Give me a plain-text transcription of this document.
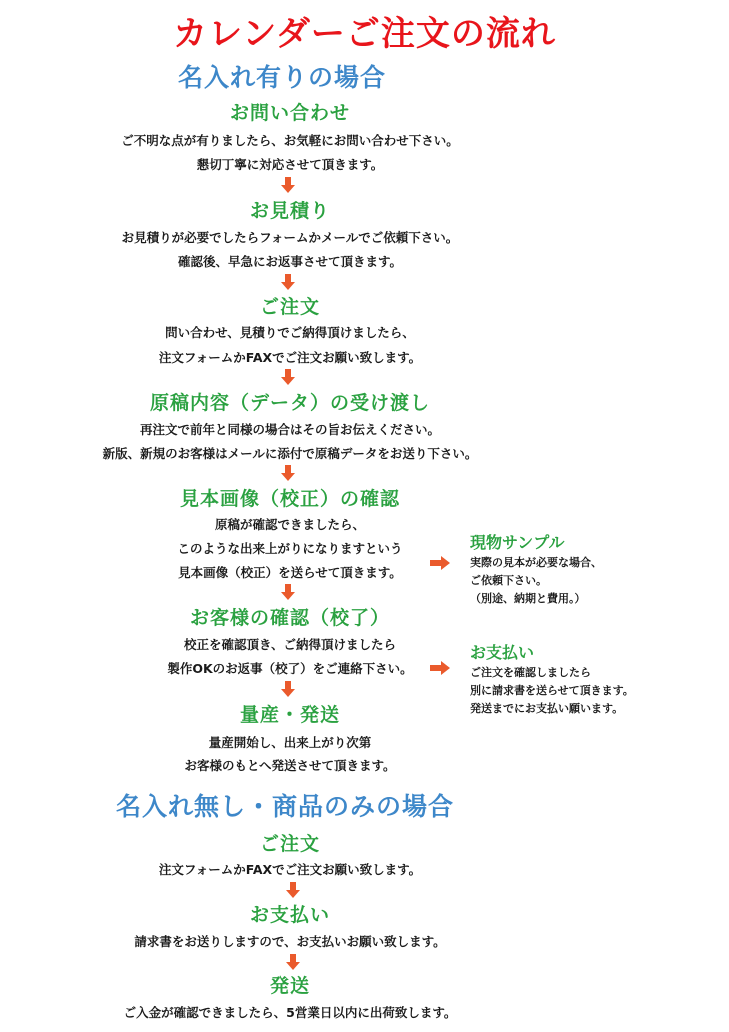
カレンダーご注文の流れ
名入れ有りの場合
お問い合わせ
ご不明な点が有りましたら、お気軽にお問い合わせ下さい。
懇切丁寧に対応させて頂きます。
お見積り
お見積りが必要でしたらフォームかメールでご依頼下さい。
確認後、早急にお返事させて頂きます。
ご注文
問い合わせ、見積りでご納得頂けましたら、
注文フォームかFAXでご注文お願い致します。
原稿内容（データ）の受け渡し
再注文で前年と同様の場合はその旨お伝えください。
新版、新規のお客様はメールに添付で原稿データをお送り下さい。
見本画像（校正）の確認
原稿が確認できましたら、
このような出来上がりになりますという
見本画像（校正）を送らせて頂きます。
現物サンプル
実際の見本が必要な場合、
ご依頼下さい。
（別途、納期と費用。）
お客様の確認（校了）
校正を確認頂き、ご納得頂けましたら
製作OKのお返事（校了）をご連絡下さい。
お支払い
ご注文を確認しましたら
別に請求書を送らせて頂きます。
発送までにお支払い願います。
量産・発送
量産開始し、出来上がり次第
お客様のもとへ発送させて頂きます。
名入れ無し・商品のみの場合
ご注文
注文フォームかFAXでご注文お願い致します。
お支払い
請求書をお送りしますので、お支払いお願い致します。
発送
ご入金が確認できましたら、5営業日以内に出荷致します。
